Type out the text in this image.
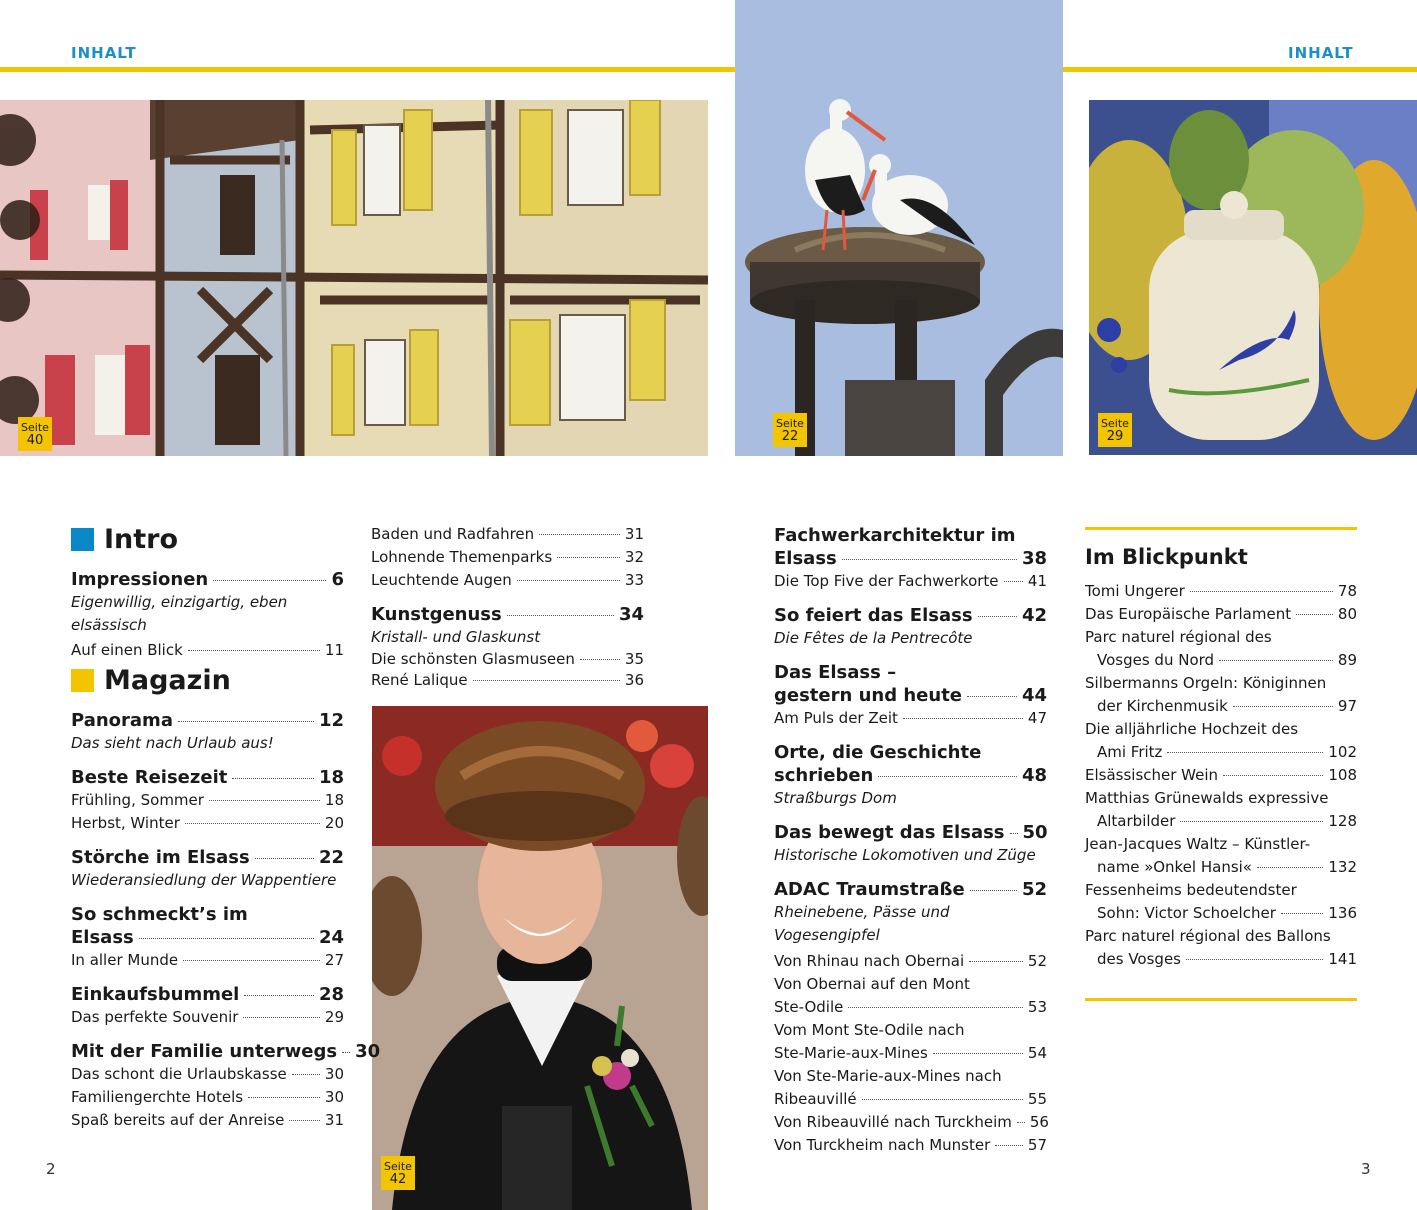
INHALT	INHALT
Seite
40
Seite
22
Seite
29
Seite
42
Intro
Impressionen	6
Eigenwillig, einzigartig, eben elsässisch
Auf einen Blick	11
Magazin
Panorama	12
Das sieht nach Urlaub aus!
Beste Reisezeit	18
Frühling, Sommer	18
Herbst, Winter	20
Störche im Elsass	22
Wiederansiedlung der Wappentiere
So schmeckt’s im
Elsass	24
In aller Munde	27
Einkaufsbummel	28
Das perfekte Souvenir	29
Mit der Familie unterwegs 30
Das schont die Urlaubskasse	30
Familiengerchte Hotels	30
Spaß bereits auf der Anreise	31
Baden und Radfahren	31
Lohnende Themenparks	32
Leuchtende Augen	33
Kunstgenuss	34
Kristall- und Glaskunst
Die schönsten Glasmuseen	35
René Lalique	36
Fachwerkarchitektur im
Elsass	38
Die Top Five der Fachwerkorte 41
So feiert das Elsass	42
Die Fêtes de la Pentrecôte
Das Elsass –
gestern und heute	44
Am Puls der Zeit	47
Orte, die Geschichte
schrieben	48
Straßburgs Dom
Das bewegt das Elsass 50
Historische Lokomotiven und Züge
ADAC Traumstraße	52
Rheinebene, Pässe und Vogesengipfel
Von Rhinau nach Obernai	52
Von Obernai auf den Mont
Ste-Odile	53
Vom Mont Ste-Odile nach
Ste-Marie-aux-Mines	54
Von Ste-Marie-aux-Mines nach
Ribeauvillé	55
Von Ribeauvillé nach Turckheim 56
Von Turckheim nach Munster	57
Im Blickpunkt
Tomi Ungerer	78
Das Europäische Parlament	80
Parc naturel régional des
Vosges du Nord	89
Silbermanns Orgeln: Königinnen
der Kirchenmusik	97
Die alljährliche Hochzeit des
Ami Fritz	102
Elsässischer Wein	108
Matthias Grünewalds expressive
Altarbilder	128
Jean-Jacques Waltz – Künstler-
name »Onkel Hansi«	132
Fessenheims bedeutendster
Sohn: Victor Schoelcher	136
Parc naturel régional des Ballons
des Vosges	141
2	3
